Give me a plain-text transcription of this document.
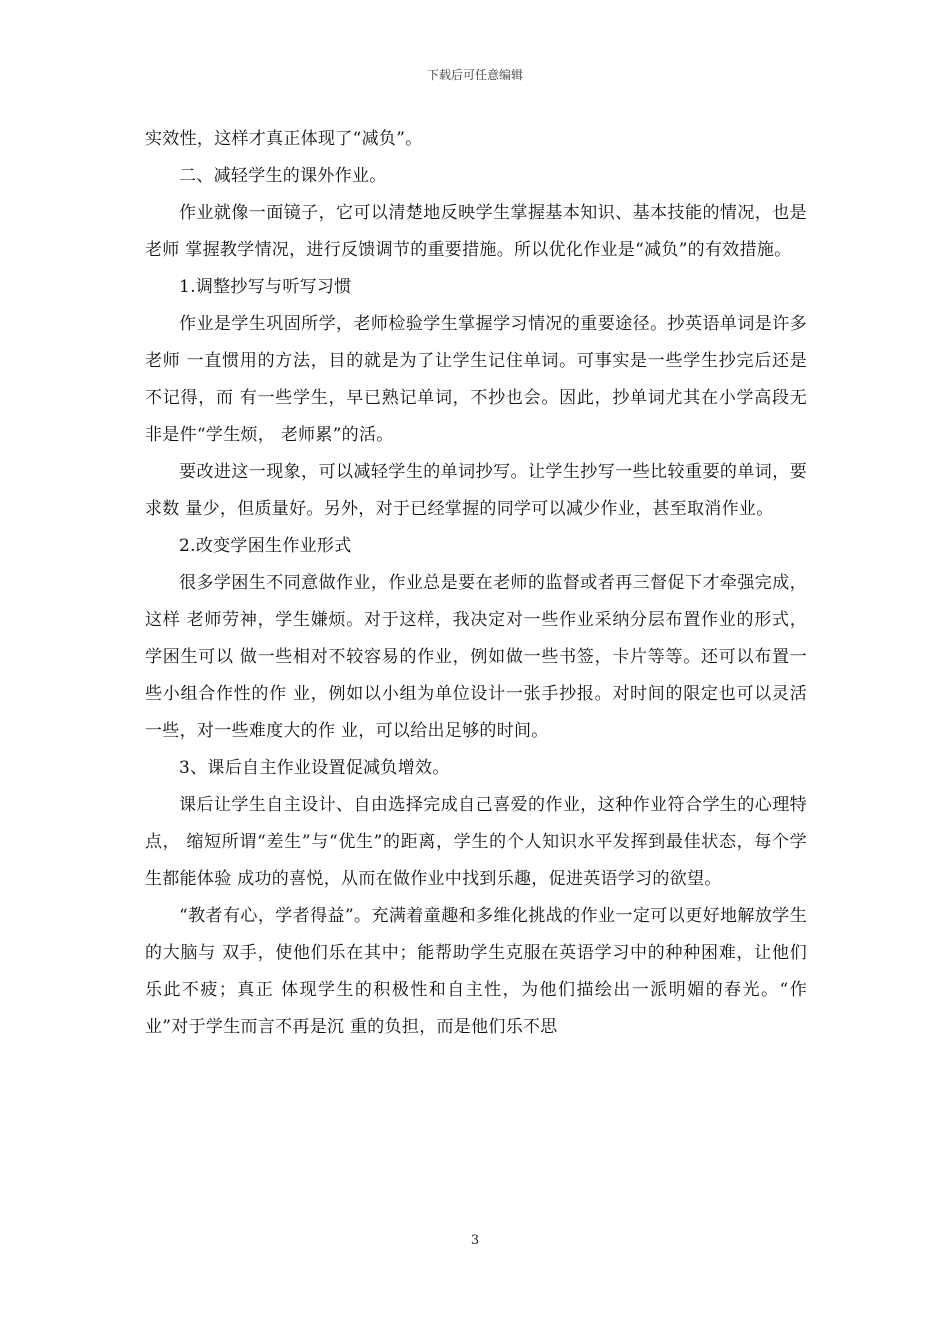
下载后可任意编辑

实效性，这样才真正体现了“减负”。

二、减轻学生的课外作业。

作业就像一面镜子，它可以清楚地反映学生掌握基本知识、基本技能的情况，也是老师 掌握教学情况，进行反馈调节的重要措施。所以优化作业是“减负”的有效措施。

1.调整抄写与听写习惯

作业是学生巩固所学，老师检验学生掌握学习情况的重要途径。抄英语单词是许多老师 一直惯用的方法，目的就是为了让学生记住单词。可事实是一些学生抄完后还是不记得，而 有一些学生，早已熟记单词，不抄也会。因此，抄单词尤其在小学高段无非是件“学生烦， 老师累”的活。

要改进这一现象，可以减轻学生的单词抄写。让学生抄写一些比较重要的单词，要求数 量少，但质量好。另外，对于已经掌握的同学可以减少作业，甚至取消作业。

2.改变学困生作业形式

很多学困生不同意做作业，作业总是要在老师的监督或者再三督促下才牵强完成，这样 老师劳神，学生嫌烦。对于这样，我决定对一些作业采纳分层布置作业的形式，学困生可以 做一些相对不较容易的作业，例如做一些书签，卡片等等。还可以布置一些小组合作性的作 业，例如以小组为单位设计一张手抄报。对时间的限定也可以灵活一些，对一些难度大的作 业，可以给出足够的时间。

3、课后自主作业设置促减负增效。

课后让学生自主设计、自由选择完成自己喜爱的作业，这种作业符合学生的心理特点， 缩短所谓“差生”与“优生”的距离，学生的个人知识水平发挥到最佳状态，每个学生都能体验 成功的喜悦，从而在做作业中找到乐趣，促进英语学习的欲望。

“教者有心，学者得益”。充满着童趣和多维化挑战的作业一定可以更好地解放学生的大脑与 双手，使他们乐在其中；能帮助学生克服在英语学习中的种种困难，让他们乐此不疲；真正 体现学生的积极性和自主性，为他们描绘出一派明媚的春光。“作业”对于学生而言不再是沉 重的负担，而是他们乐不思

3
